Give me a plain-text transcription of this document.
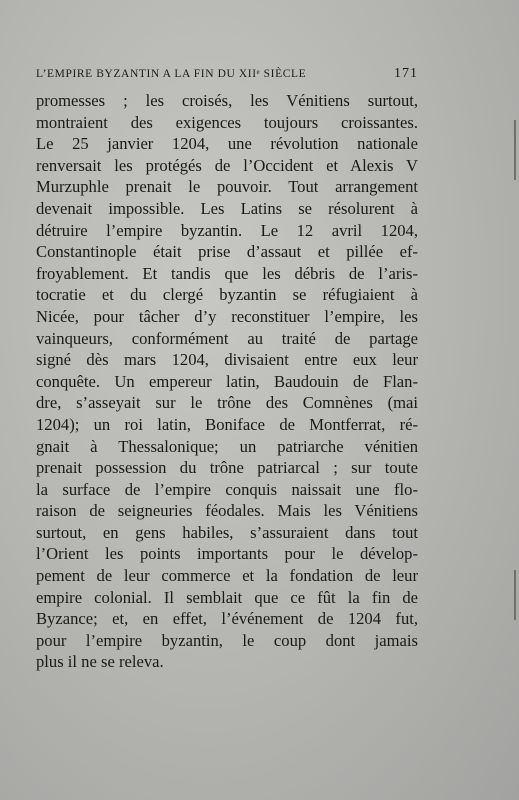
L’EMPIRE BYZANTIN A LA FIN DU XIIᵉ SIÈCLE	171
promesses ; les croisés, les Vénitiens surtout,
montraient des exigences toujours croissantes.
Le 25 janvier 1204, une révolution nationale
renversait les protégés de l’Occident et Alexis V
Murzuphle prenait le pouvoir. Tout arrangement
devenait impossible. Les Latins se résolurent à
détruire l’empire byzantin. Le 12 avril 1204,
Constantinople était prise d’assaut et pillée ef-
froyablement. Et tandis que les débris de l’aris-
tocratie et du clergé byzantin se réfugiaient à
Nicée, pour tâcher d’y reconstituer l’empire, les
vainqueurs, conformément au traité de partage
signé dès mars 1204, divisaient entre eux leur
conquête. Un empereur latin, Baudouin de Flan-
dre, s’asseyait sur le trône des Comnènes (mai
1204); un roi latin, Boniface de Montferrat, ré-
gnait à Thessalonique; un patriarche vénitien
prenait possession du trône patriarcal ; sur toute
la surface de l’empire conquis naissait une flo-
raison de seigneuries féodales. Mais les Vénitiens
surtout, en gens habiles, s’assuraient dans tout
l’Orient les points importants pour le dévelop-
pement de leur commerce et la fondation de leur
empire colonial. Il semblait que ce fût la fin de
Byzance; et, en effet, l’événement de 1204 fut,
pour l’empire byzantin, le coup dont jamais
plus il ne se releva.
